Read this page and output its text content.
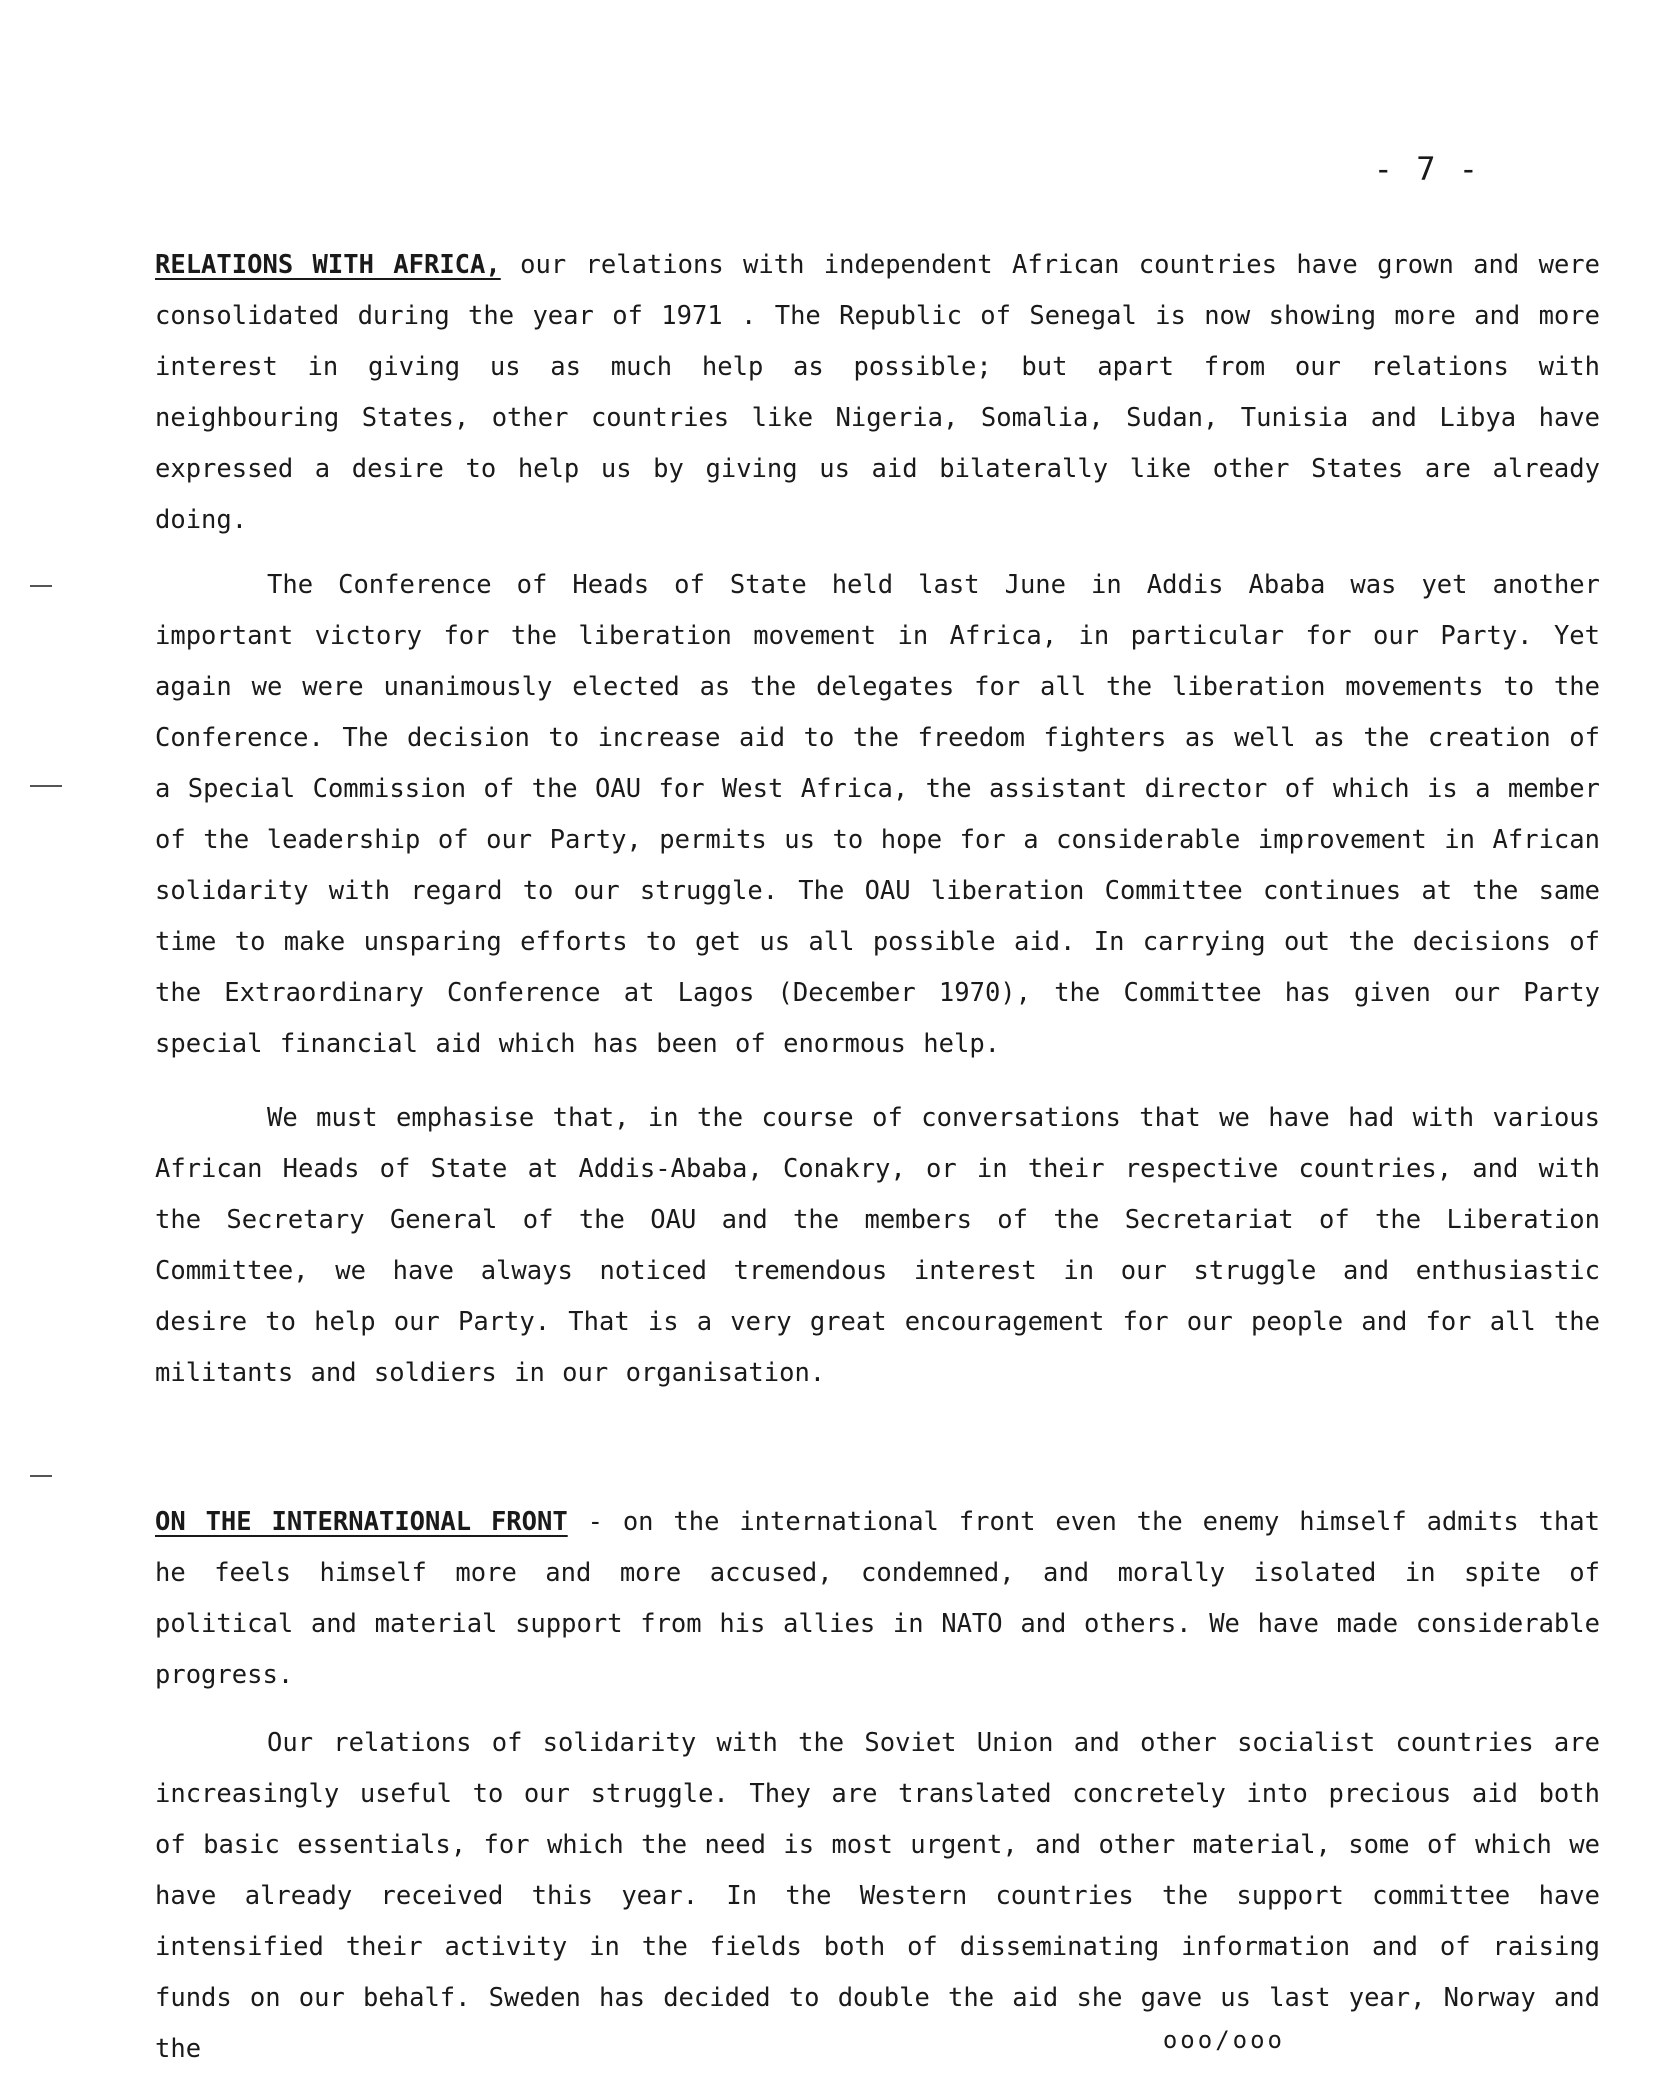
- 7 -

RELATIONS WITH AFRICA, our relations with independent African countries have grown and were consolidated during the year of 1971 . The Republic of Senegal is now showing more and more interest in giving us as much help as possible; but apart from our relations with neighbouring States, other countries like Nigeria, Somalia, Sudan, Tunisia and Libya have expressed a desire to help us by giving us aid bilaterally like other States are already doing.

The Conference of Heads of State held last June in Addis Ababa was yet another important victory for the liberation movement in Africa, in particular for our Party. Yet again we were unanimously elected as the delegates for all the liberation movements to the Conference. The decision to increase aid to the freedom fighters as well as the creation of a Special Commission of the OAU for West Africa, the assistant director of which is a member of the leadership of our Party, permits us to hope for a considerable improvement in African solidarity with regard to our struggle. The OAU liberation Committee continues at the same time to make unsparing efforts to get us all possible aid. In carrying out the decisions of the Extraordinary Conference at Lagos (December 1970), the Committee has given our Party special financial aid which has been of enormous help.

We must emphasise that, in the course of conversations that we have had with various African Heads of State at Addis-Ababa, Conakry, or in their respective countries, and with the Secretary General of the OAU and the members of the Secretariat of the Liberation Committee, we have always noticed tremendous interest in our struggle and enthusiastic desire to help our Party. That is a very great encouragement for our people and for all the militants and soldiers in our organisation.

ON THE INTERNATIONAL FRONT - on the international front even the enemy himself admits that he feels himself more and more accused, condemned, and morally isolated in spite of political and material support from his allies in NATO and others. We have made considerable progress.

Our relations of solidarity with the Soviet Union and other socialist countries are increasingly useful to our struggle. They are translated concretely into precious aid both of basic essentials, for which the need is most urgent, and other material, some of which we have already received this year. In the Western countries the support committee have intensified their activity in the fields both of disseminating information and of raising funds on our behalf. Sweden has decided to double the aid she gave us last year, Norway and the	ooo/ooo
